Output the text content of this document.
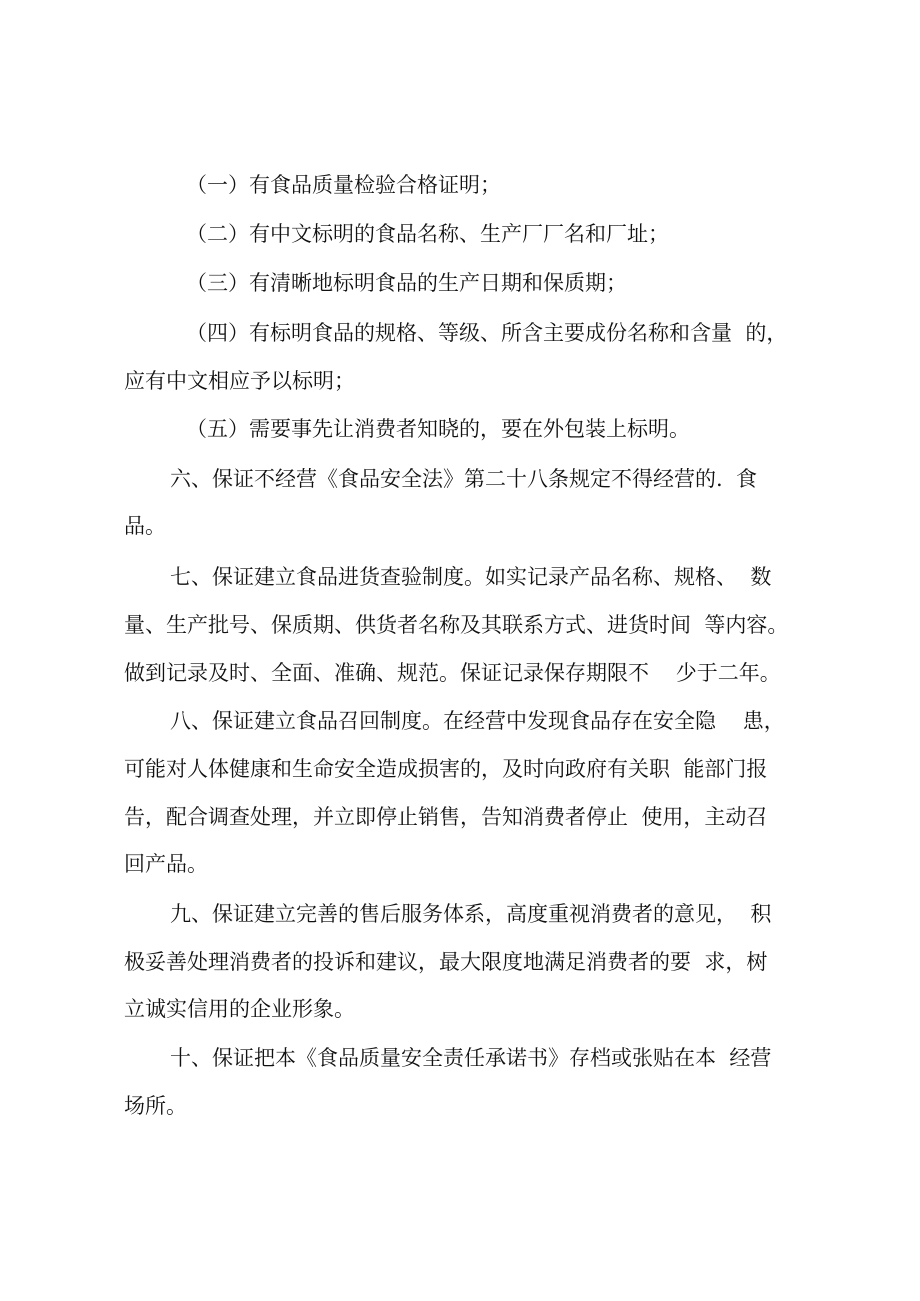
（一）有食品质量检验合格证明；
（二）有中文标明的食品名称、生产厂厂名和厂址；
（三）有清晰地标明食品的生产日期和保质期；
（四）有标明食品的规格、等级、所含主要成份名称和含量  的，
应有中文相应予以标明；
（五）需要事先让消费者知晓的，要在外包装上标明。
六、保证不经营《食品安全法》第二十八条规定不得经营的.  食
品。
七、保证建立食品进货查验制度。如实记录产品名称、规格、  数
量、生产批号、保质期、供货者名称及其联系方式、进货时间  等内容。
做到记录及时、全面、准确、规范。保证记录保存期限不    少于二年。
八、保证建立食品召回制度。在经营中发现食品存在安全隐    患，
可能对人体健康和生命安全造成损害的，及时向政府有关职  能部门报
告，配合调查处理，并立即停止销售，告知消费者停止  使用，主动召
回产品。
九、保证建立完善的售后服务体系，高度重视消费者的意见，  积
极妥善处理消费者的投诉和建议，最大限度地满足消费者的要  求，树
立诚实信用的企业形象。
十、保证把本《食品质量安全责任承诺书》存档或张贴在本  经营
场所。
